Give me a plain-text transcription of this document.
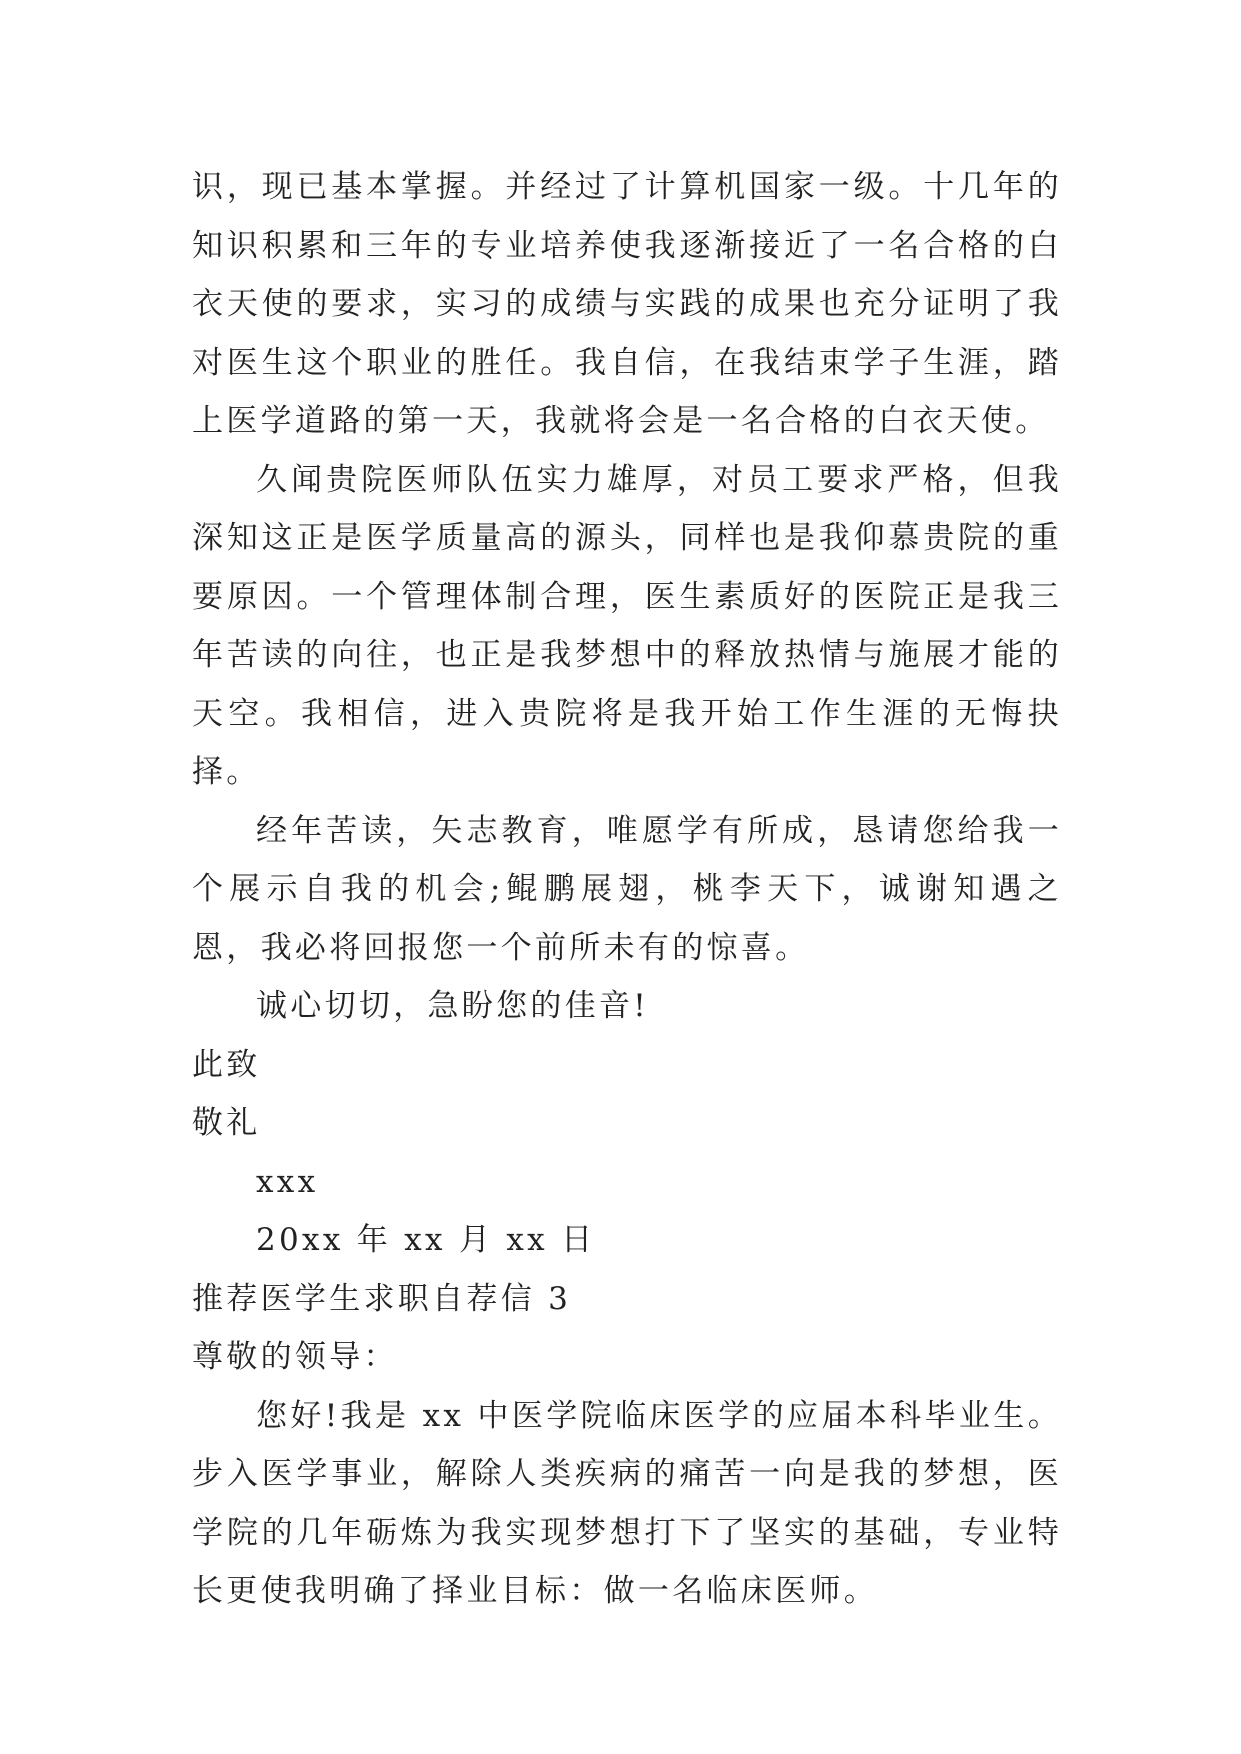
识，现已基本掌握。并经过了计算机国家一级。十几年的知识积累和三年的专业培养使我逐渐接近了一名合格的白衣天使的要求，实习的成绩与实践的成果也充分证明了我对医生这个职业的胜任。我自信，在我结束学子生涯，踏上医学道路的第一天，我就将会是一名合格的白衣天使。

久闻贵院医师队伍实力雄厚，对员工要求严格，但我深知这正是医学质量高的源头，同样也是我仰慕贵院的重要原因。一个管理体制合理，医生素质好的医院正是我三年苦读的向往，也正是我梦想中的释放热情与施展才能的天空。我相信，进入贵院将是我开始工作生涯的无悔抉择。

经年苦读，矢志教育，唯愿学有所成，恳请您给我一个展示自我的机会;鲲鹏展翅，桃李天下，诚谢知遇之恩，我必将回报您一个前所未有的惊喜。

诚心切切，急盼您的佳音!

此致

敬礼

xxx

20xx 年 xx 月 xx 日

推荐医学生求职自荐信 3

尊敬的领导：

您好!我是 xx 中医学院临床医学的应届本科毕业生。步入医学事业，解除人类疾病的痛苦一向是我的梦想，医学院的几年砺炼为我实现梦想打下了坚实的基础，专业特长更使我明确了择业目标：做一名临床医师。
